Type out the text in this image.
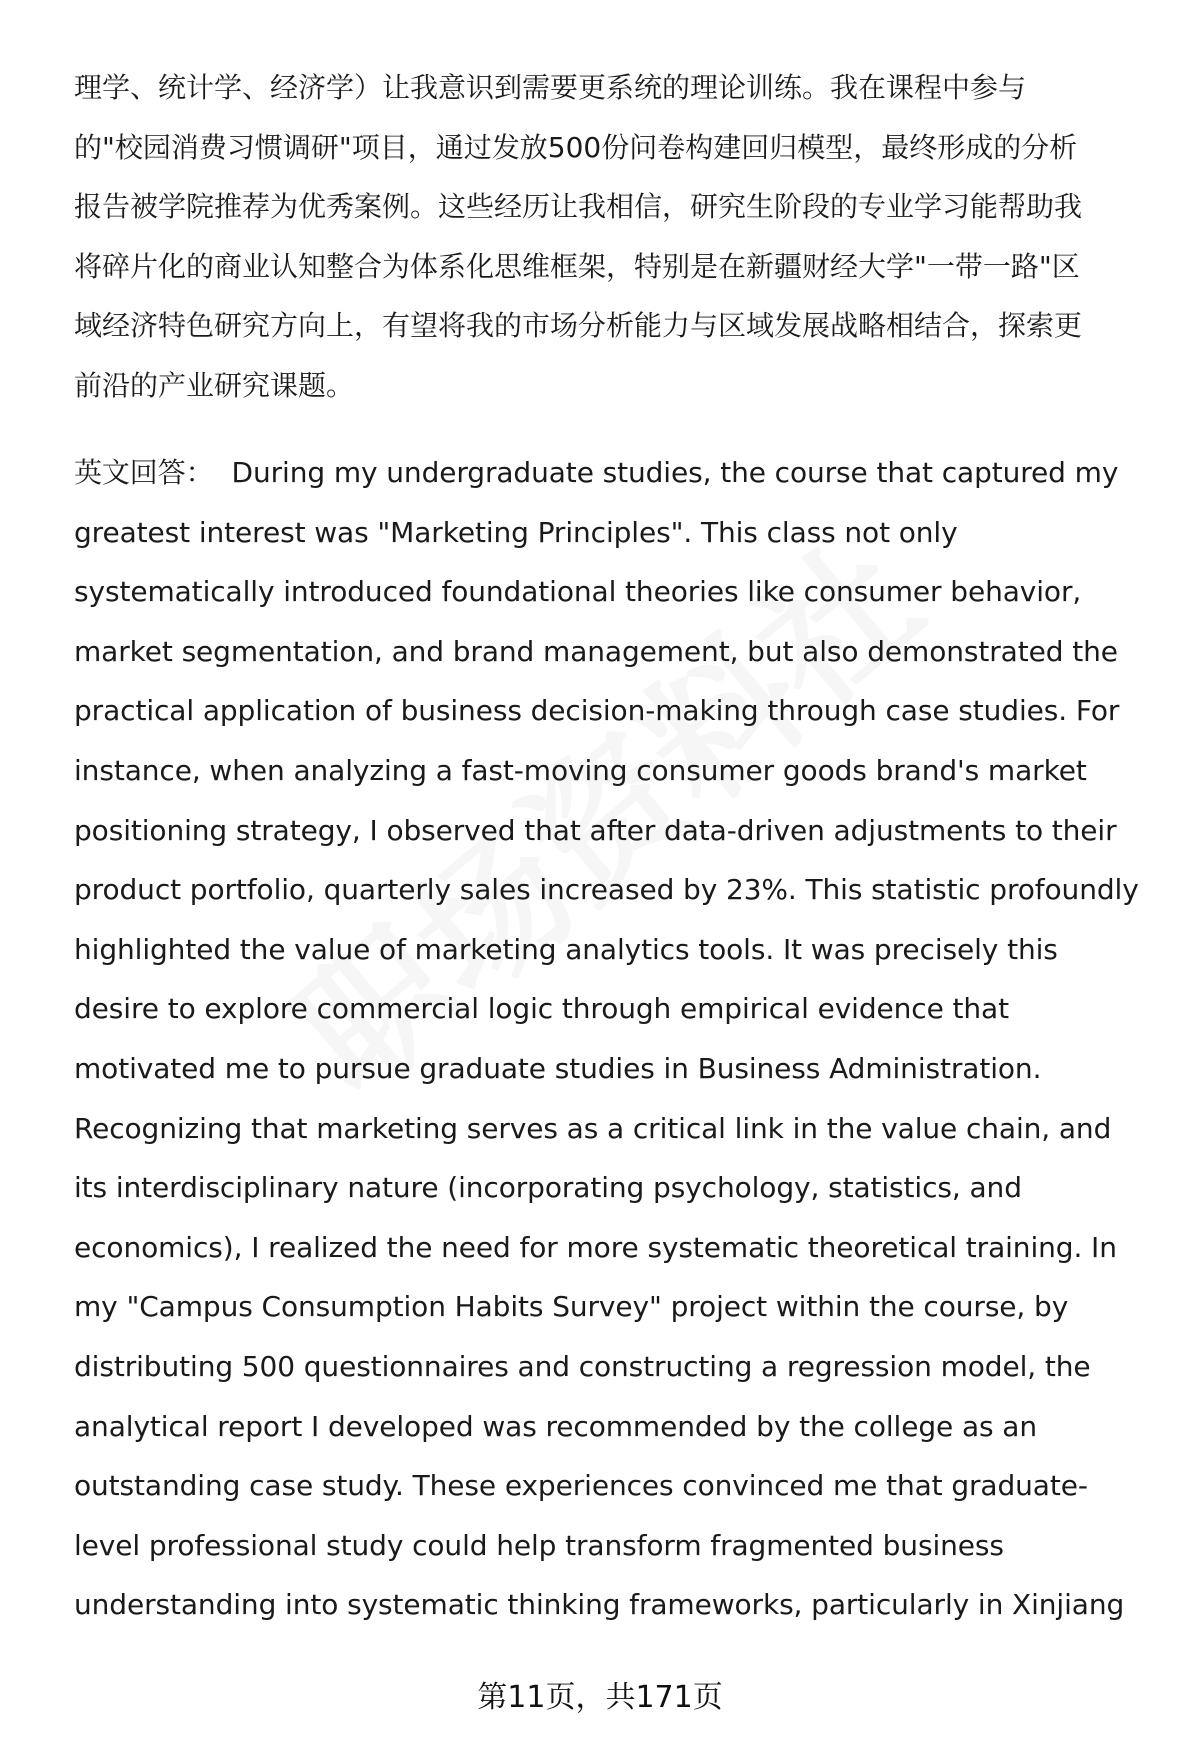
理学、统计学、经济学）让我意识到需要更系统的理论训练。我在课程中参与
的"校园消费习惯调研"项目，通过发放500份问卷构建回归模型，最终形成的分析
报告被学院推荐为优秀案例。这些经历让我相信，研究生阶段的专业学习能帮助我
将碎片化的商业认知整合为体系化思维框架，特别是在新疆财经大学"一带一路"区
域经济特色研究方向上，有望将我的市场分析能力与区域发展战略相结合，探索更
前沿的产业研究课题。
英文回答： During my undergraduate studies, the course that captured my
greatest interest was "Marketing Principles". This class not only
systematically introduced foundational theories like consumer behavior,
market segmentation, and brand management, but also demonstrated the
practical application of business decision-making through case studies. For
instance, when analyzing a fast-moving consumer goods brand's market
positioning strategy, I observed that after data-driven adjustments to their
product portfolio, quarterly sales increased by 23%. This statistic profoundly
highlighted the value of marketing analytics tools. It was precisely this
desire to explore commercial logic through empirical evidence that
motivated me to pursue graduate studies in Business Administration.
Recognizing that marketing serves as a critical link in the value chain, and
its interdisciplinary nature (incorporating psychology, statistics, and
economics), I realized the need for more systematic theoretical training. In
my "Campus Consumption Habits Survey" project within the course, by
distributing 500 questionnaires and constructing a regression model, the
analytical report I developed was recommended by the college as an
outstanding case study. These experiences convinced me that graduate-
level professional study could help transform fragmented business
understanding into systematic thinking frameworks, particularly in Xinjiang
第11页，共171页
